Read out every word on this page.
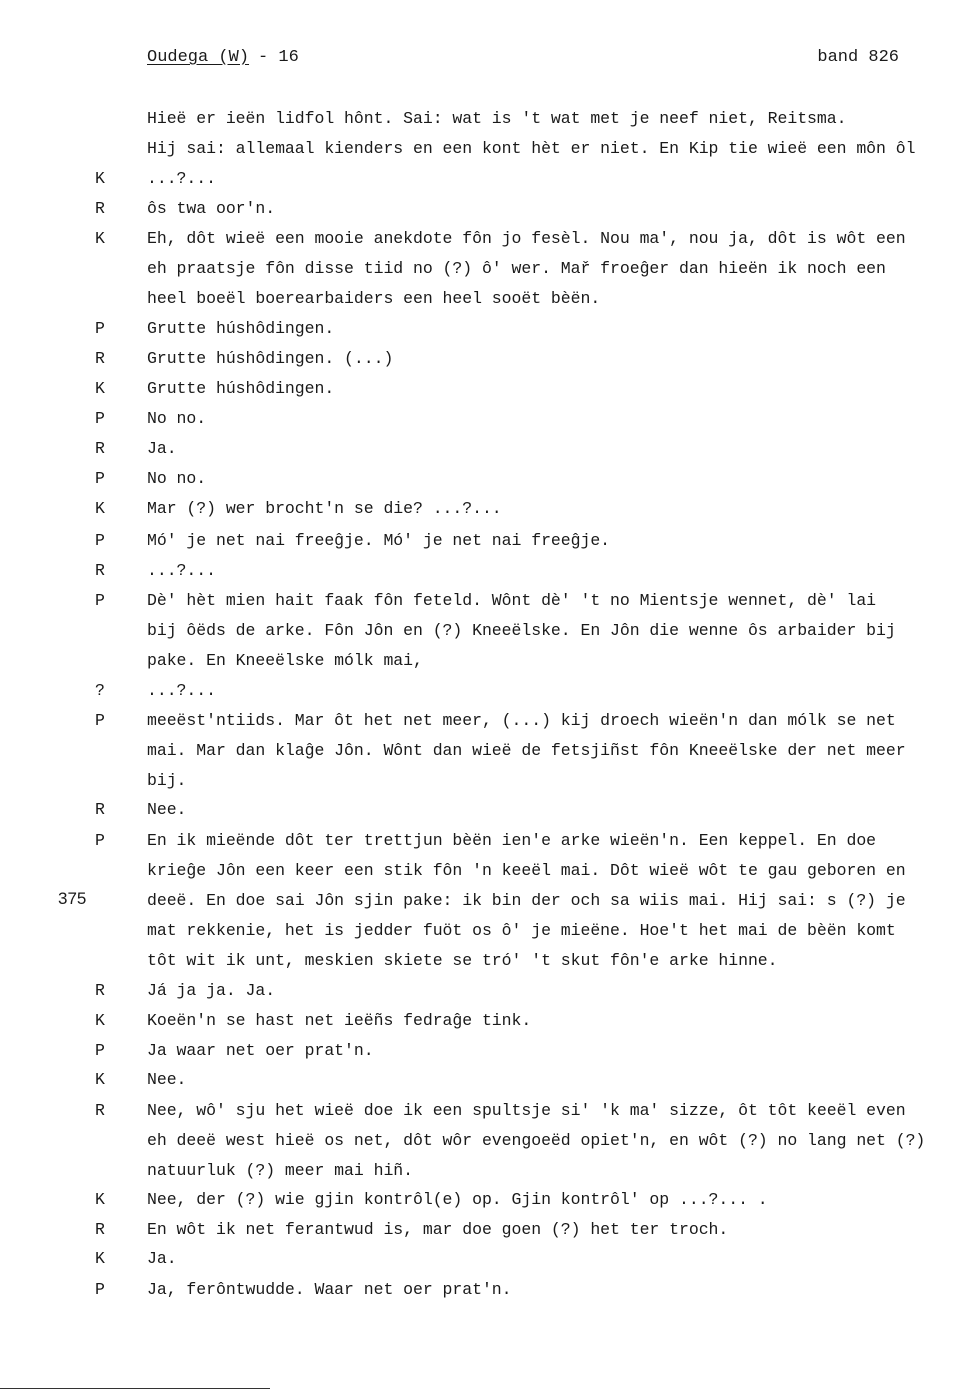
Oudega (W) - 16	band 826
Hieë er ieën lidfol hônt. Sai: wat is 't wat met je neef niet, Reitsma.
Hij sai: allemaal kienders en een kont hèt er niet. En Kip tie wieë een môn ôl
K	...?...
R	ôs twa oor'n.
K	Eh, dôt wieë een mooie anekdote fôn jo fesèl. Nou ma', nou ja, dôt is wôt een
eh praatsje fôn disse tiid no (?) ô' wer. Mař froeĝer dan hieën ik noch een
heel boeël boerearbaiders een heel sooët bèën.
P	Grutte húshôdingen.
R	Grutte húshôdingen. (...)
K	Grutte húshôdingen.
P	No no.
R	Ja.
P	No no.
K	Mar (?) wer brocht'n se die? ...?...
P	Mó' je net nai freeĝje. Mó' je net nai freeĝje.
R	...?...
P	Dè' hèt mien hait faak fôn feteld. Wônt dè' 't no Mientsje wennet, dè' lai
bij ôëds de arke. Fôn Jôn en (?) Kneeëlske. En Jôn die wenne ôs arbaider bij
pake. En Kneeëlske mólk mai,
?	...?...
P	meeëst'ntiids. Mar ôt het net meer, (...) kij droech wieën'n dan mólk se net
mai. Mar dan klaĝe Jôn. Wônt dan wieë de fetsjiñst fôn Kneeëlske der net meer
bij.
R	Nee.
P	En ik mieënde dôt ter trettjun bèën ien'e arke wieën'n. Een keppel. En doe
krieĝe Jôn een keer een stik fôn 'n keeël mai. Dôt wieë wôt te gau geboren en
deeë. En doe sai Jôn sjin pake: ik bin der och sa wiis mai. Hij sai: s (?) je
mat rekkenie, het is jedder fuöt os ô' je mieëne. Hoe't het mai de bèën komt
tôt wit ik unt, meskien skiete se tró' 't skut fôn'e arke hinne.
R	Já ja ja. Ja.
K	Koeën'n se hast net ieëñs fedraĝe tink.
P	Ja waar net oer prat'n.
K	Nee.
R	Nee, wô' sju het wieë doe ik een spultsje si' 'k ma' sizze, ôt tôt keeël even
eh deeë west hieë os net, dôt wôr evengoeëd opiet'n, en wôt (?) no lang net (?)
natuurluk (?) meer mai hiñ.
K	Nee, der (?) wie gjin kontrôl(e) op. Gjin kontrôl' op ...?... .
R	En wôt ik net ferantwud is, mar doe goen (?) het ter troch.
K	Ja.
P	Ja, ferôntwudde. Waar net oer prat'n.
375
